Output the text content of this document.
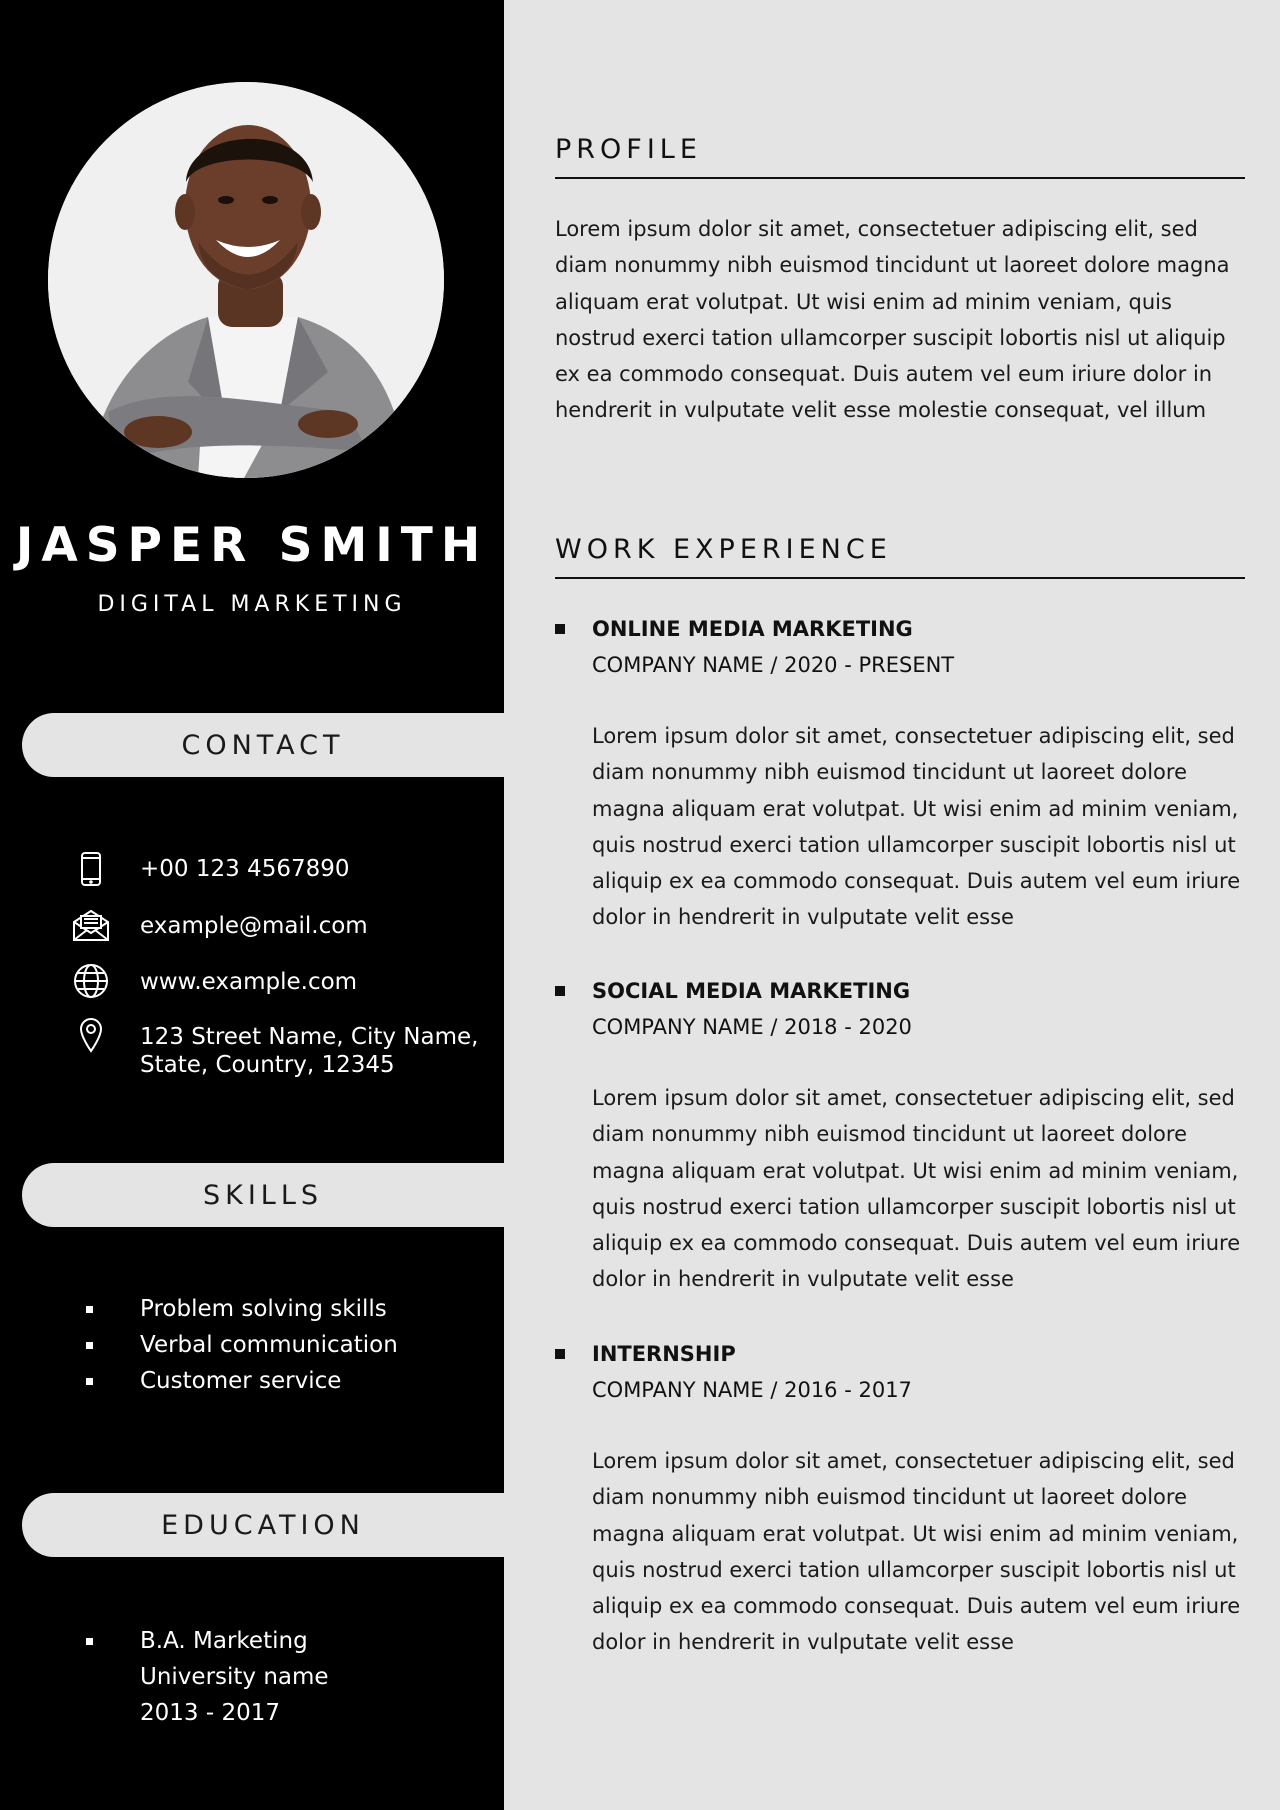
JASPER SMITH
DIGITAL MARKETING
CONTACT
+00 123 4567890
example@mail.com
www.example.com
123 Street Name, City Name,
State, Country, 12345
SKILLS
Problem solving skills
Verbal communication
Customer service
EDUCATION
B.A. Marketing
University name
2013 - 2017
PROFILE

Lorem ipsum dolor sit amet, consectetuer adipiscing elit, sed diam nonummy nibh euismod tincidunt ut laoreet dolore magna aliquam erat volutpat. Ut wisi enim ad minim veniam, quis nostrud exerci tation ullamcorper suscipit lobortis nisl ut aliquip ex ea commodo consequat. Duis autem vel eum iriure dolor in hendrerit in vulputate velit esse molestie consequat, vel illum

WORK EXPERIENCE
ONLINE MEDIA MARKETING
COMPANY NAME / 2020 - PRESENT

Lorem ipsum dolor sit amet, consectetuer adipiscing elit, sed diam nonummy nibh euismod tincidunt ut laoreet dolore magna aliquam erat volutpat. Ut wisi enim ad minim veniam, quis nostrud exerci tation ullamcorper suscipit lobortis nisl ut aliquip ex ea commodo consequat. Duis autem vel eum iriure dolor in hendrerit in vulputate velit esse

SOCIAL MEDIA MARKETING
COMPANY NAME / 2018 - 2020

Lorem ipsum dolor sit amet, consectetuer adipiscing elit, sed diam nonummy nibh euismod tincidunt ut laoreet dolore magna aliquam erat volutpat. Ut wisi enim ad minim veniam, quis nostrud exerci tation ullamcorper suscipit lobortis nisl ut aliquip ex ea commodo consequat. Duis autem vel eum iriure dolor in hendrerit in vulputate velit esse

INTERNSHIP
COMPANY NAME / 2016 - 2017

Lorem ipsum dolor sit amet, consectetuer adipiscing elit, sed diam nonummy nibh euismod tincidunt ut laoreet dolore magna aliquam erat volutpat. Ut wisi enim ad minim veniam, quis nostrud exerci tation ullamcorper suscipit lobortis nisl ut aliquip ex ea commodo consequat. Duis autem vel eum iriure dolor in hendrerit in vulputate velit esse
